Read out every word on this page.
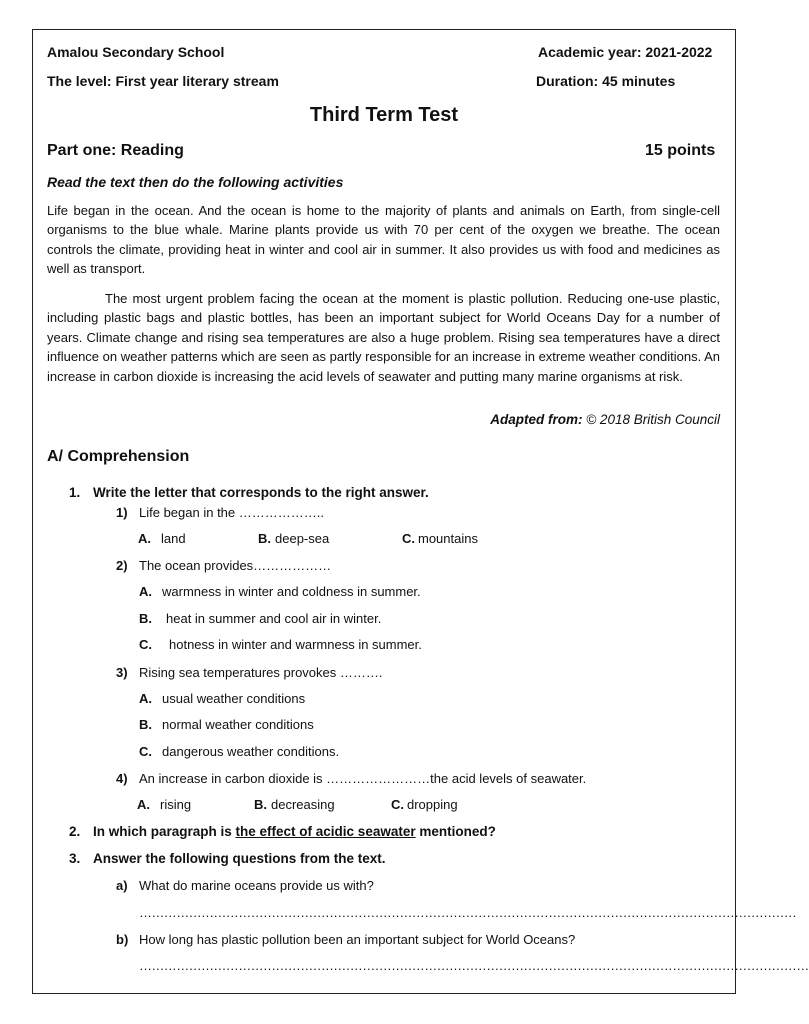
Amalou Secondary School	Academic year: 2021-2022
The level: First year literary stream	Duration: 45 minutes
Third Term Test
Part one: Reading	15 points
Read the text then do the following activities

Life began in the ocean. And the ocean is home to the majority of plants and animals on Earth, from single-cell organisms to the blue whale. Marine plants provide us with 70 per cent of the oxygen we breathe. The ocean controls the climate, providing heat in winter and cool air in summer. It also provides us with food and medicines as well as transport.

The most urgent problem facing the ocean at the moment is plastic pollution. Reducing one-use plastic, including plastic bags and plastic bottles, has been an important subject for World Oceans Day for a number of years. Climate change and rising sea temperatures are also a huge problem. Rising sea temperatures have a direct influence on weather patterns which are seen as partly responsible for an increase in extreme weather conditions. An increase in carbon dioxide is increasing the acid levels of seawater and putting many marine organisms at risk.

Adapted from: © 2018 British Council
A/ Comprehension
1. Write the letter that corresponds to the right answer.
1) Life began in the ………………..
A. land	B. deep-sea	C. mountains
2) The ocean provides………………
A. warmness in winter and coldness in summer.
B. heat in summer and cool air in winter.
C. hotness in winter and warmness in summer.
3) Rising sea temperatures provokes ……….
A. usual weather conditions
B. normal weather conditions
C. dangerous weather conditions.
4) An increase in carbon dioxide is ……………………the acid levels of seawater.
A. rising	B. decreasing	C. dropping
2. In which paragraph is the effect of acidic seawater mentioned?
3. Answer the following questions from the text.
a) What do marine oceans provide us with?
……………………………………………………………………………………………………………………………………………
b) How long has plastic pollution been an important subject for World Oceans?
………………………………………………………………………………………………………………………………………………
